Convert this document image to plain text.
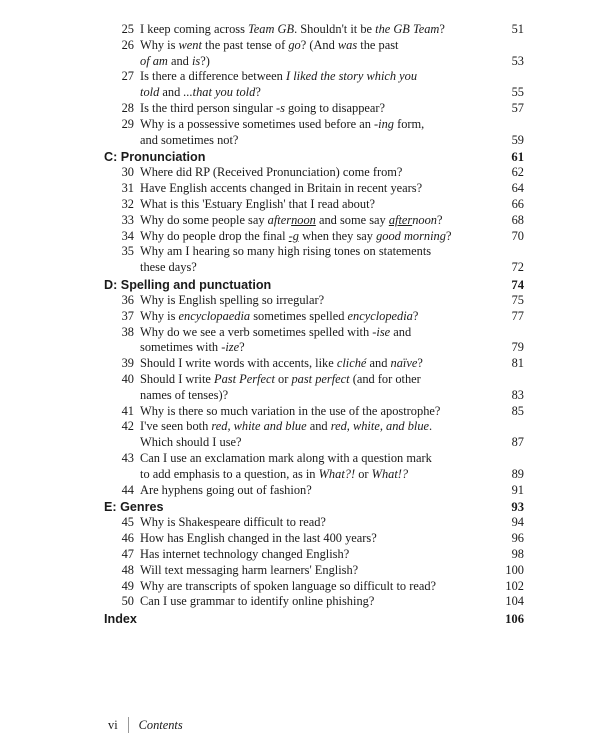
25 I keep coming across Team GB. Shouldn't it be the GB Team?	51
26 Why is went the past tense of go? (And was the past
of am and is?)	53
27 Is there a difference between I liked the story which you
told and ...that you told?	55
28 Is the third person singular -s going to disappear?	57
29 Why is a possessive sometimes used before an -ing form,
and sometimes not?	59
C: Pronunciation	61
30 Where did RP (Received Pronunciation) come from?	62
31 Have English accents changed in Britain in recent years?	64
32 What is this 'Estuary English' that I read about?	66
33 Why do some people say afternoon and some say afternoon?	68
34 Why do people drop the final -g when they say good morning?	70
35 Why am I hearing so many high rising tones on statements
these days?	72
D: Spelling and punctuation	74
36 Why is English spelling so irregular?	75
37 Why is encyclopaedia sometimes spelled encyclopedia?	77
38 Why do we see a verb sometimes spelled with -ise and
sometimes with -ize?	79
39 Should I write words with accents, like cliché and naïve?	81
40 Should I write Past Perfect or past perfect (and for other
names of tenses)?	83
41 Why is there so much variation in the use of the apostrophe?	85
42 I've seen both red, white and blue and red, white, and blue.
Which should I use?	87
43 Can I use an exclamation mark along with a question mark
to add emphasis to a question, as in What?! or What!?	89
44 Are hyphens going out of fashion?	91
E: Genres	93
45 Why is Shakespeare difficult to read?	94
46 How has English changed in the last 400 years?	96
47 Has internet technology changed English?	98
48 Will text messaging harm learners' English?	100
49 Why are transcripts of spoken language so difficult to read?	102
50 Can I use grammar to identify online phishing?	104
Index	106
vi Contents
